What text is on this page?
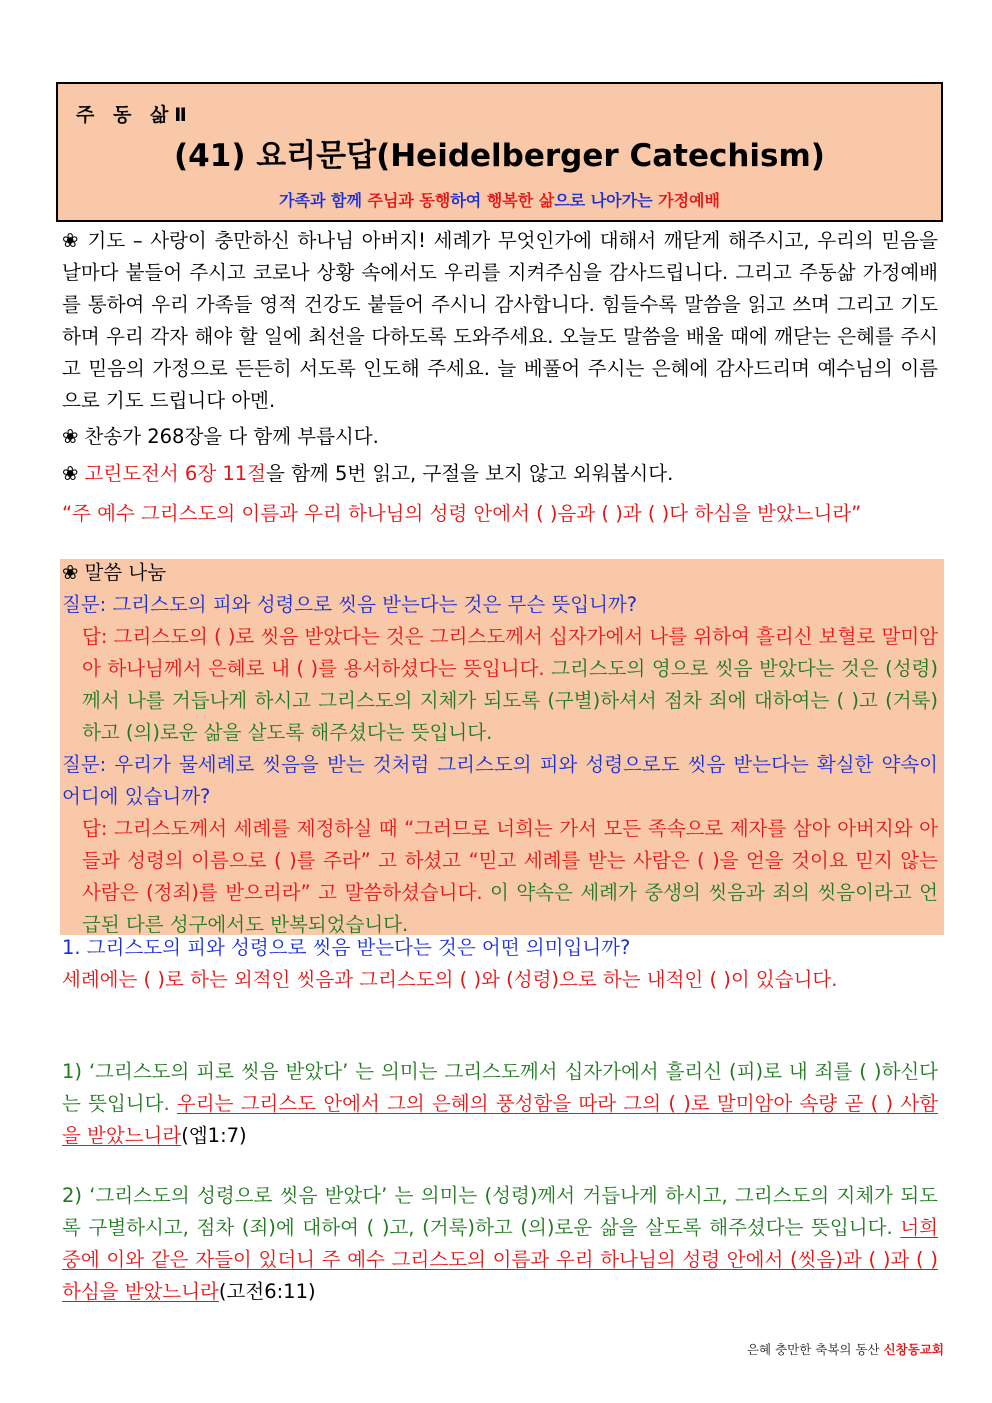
주 동 삶Ⅱ
(41) 요리문답(Heidelberger Catechism)
가족과 함께 주님과 동행하여 행복한 삶으로 나아가는 가정예배
❀ 기도 – 사랑이 충만하신 하나님 아버지! 세례가 무엇인가에 대해서 깨닫게 해주시고, 우리의 믿음을 날마다 붙들어 주시고 코로나 상황 속에서도 우리를 지켜주심을 감사드립니다. 그리고 주동삶 가정예배를 통하여 우리 가족들 영적 건강도 붙들어 주시니 감사합니다. 힘들수록 말씀을 읽고 쓰며 그리고 기도하며 우리 각자 해야 할 일에 최선을 다하도록 도와주세요. 오늘도 말씀을 배울 때에 깨닫는 은혜를 주시고 믿음의 가정으로 든든히 서도록 인도해 주세요. 늘 베풀어 주시는 은혜에 감사드리며 예수님의 이름으로 기도 드립니다 아멘.
❀ 찬송가 268장을 다 함께 부릅시다.
❀ 고린도전서 6장 11절을 함께 5번 읽고, 구절을 보지 않고 외워봅시다.
“주 예수 그리스도의 이름과 우리 하나님의 성령 안에서 ( )음과 ( )과 ( )다 하심을 받았느니라”
❀ 말씀 나눔
질문: 그리스도의 피와 성령으로 씻음 받는다는 것은 무슨 뜻입니까?
답: 그리스도의 ( )로 씻음 받았다는 것은 그리스도께서 십자가에서 나를 위하여 흘리신 보혈로 말미암아 하나님께서 은혜로 내 ( )를 용서하셨다는 뜻입니다. 그리스도의 영으로 씻음 받았다는 것은 (성령)께서 나를 거듭나게 하시고 그리스도의 지체가 되도록 (구별)하셔서 점차 죄에 대하여는 ( )고 (거룩)하고 (의)로운 삶을 살도록 해주셨다는 뜻입니다.
질문: 우리가 물세례로 씻음을 받는 것처럼 그리스도의 피와 성령으로도 씻음 받는다는 확실한 약속이 어디에 있습니까?
답: 그리스도께서 세례를 제정하실 때 “그러므로 너희는 가서 모든 족속으로 제자를 삼아 아버지와 아들과 성령의 이름으로 ( )를 주라” 고 하셨고 “믿고 세례를 받는 사람은 ( )을 얻을 것이요 믿지 않는 사람은 (정죄)를 받으리라” 고 말씀하셨습니다. 이 약속은 세례가 중생의 씻음과 죄의 씻음이라고 언급된 다른 성구에서도 반복되었습니다.
1. 그리스도의 피와 성령으로 씻음 받는다는 것은 어떤 의미입니까?
세례에는 ( )로 하는 외적인 씻음과 그리스도의 ( )와 (성령)으로 하는 내적인 ( )이 있습니다.
1) ‘그리스도의 피로 씻음 받았다’ 는 의미는 그리스도께서 십자가에서 흘리신 (피)로 내 죄를 ( )하신다는 뜻입니다. 우리는 그리스도 안에서 그의 은혜의 풍성함을 따라 그의 ( )로 말미암아 속량 곧 ( ) 사함을 받았느니라(엡1:7)
2) ‘그리스도의 성령으로 씻음 받았다’ 는 의미는 (성령)께서 거듭나게 하시고, 그리스도의 지체가 되도록 구별하시고, 점차 (죄)에 대하여 ( )고, (거룩)하고 (의)로운 삶을 살도록 해주셨다는 뜻입니다. 너희 중에 이와 같은 자들이 있더니 주 예수 그리스도의 이름과 우리 하나님의 성령 안에서 (씻음)과 ( )과 ( ) 하심을 받았느니라(고전6:11)
은혜 충만한 축복의 동산 신창동교회
